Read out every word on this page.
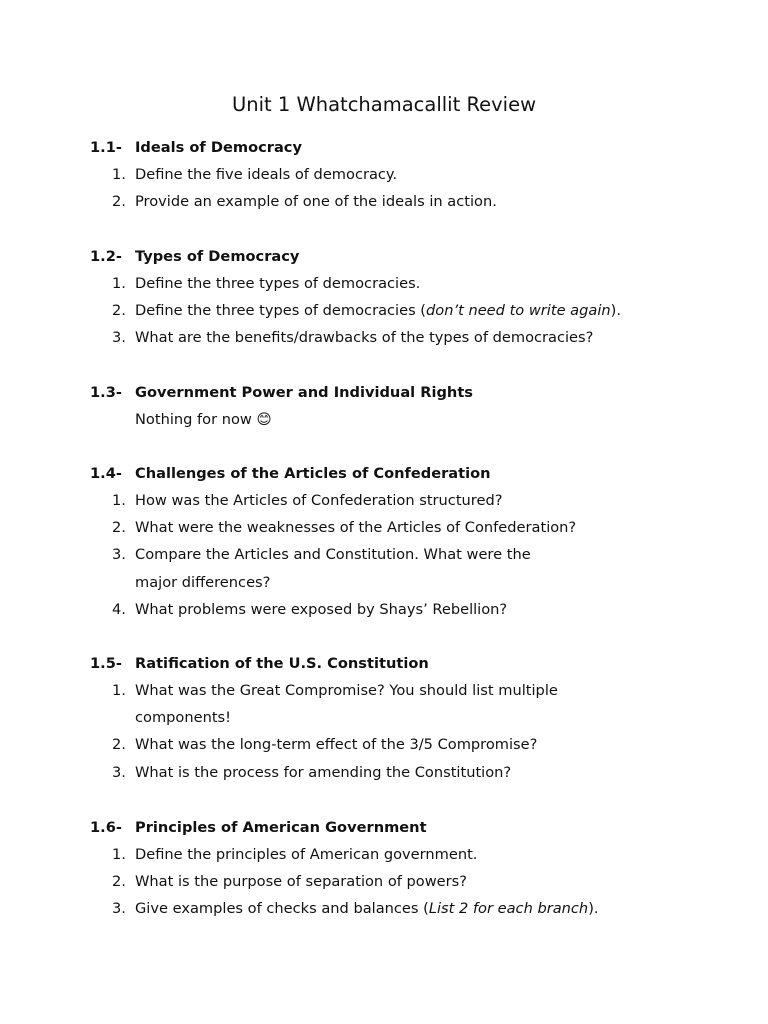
Unit 1 Whatchamacallit Review
1.1- Ideals of Democracy
1. Define the five ideals of democracy.
2. Provide an example of one of the ideals in action.
1.2- Types of Democracy
1. Define the three types of democracies.
2. Define the three types of democracies (don’t need to write again).
3. What are the benefits/drawbacks of the types of democracies?
1.3- Government Power and Individual Rights
Nothing for now 😊
1.4- Challenges of the Articles of Confederation
1. How was the Articles of Confederation structured?
2. What were the weaknesses of the Articles of Confederation?
3. Compare the Articles and Constitution. What were the major differences?
4. What problems were exposed by Shays’ Rebellion?
1.5- Ratification of the U.S. Constitution
1. What was the Great Compromise? You should list multiple components!
2. What was the long-term effect of the 3/5 Compromise?
3. What is the process for amending the Constitution?
1.6- Principles of American Government
1. Define the principles of American government.
2. What is the purpose of separation of powers?
3. Give examples of checks and balances (List 2 for each branch).
